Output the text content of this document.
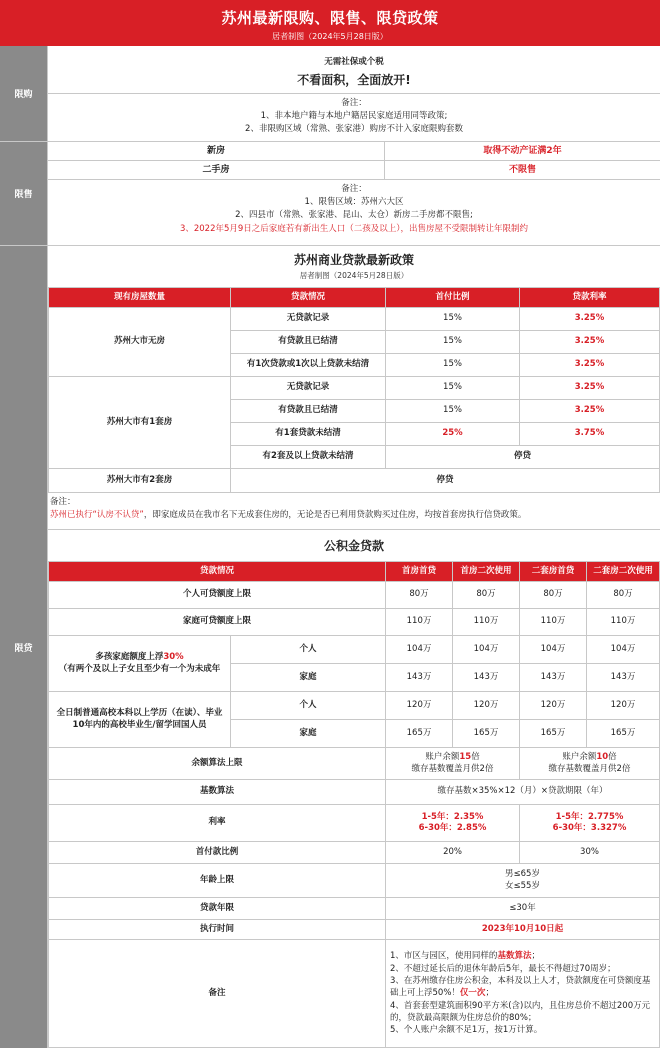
苏州最新限购、限售、限贷政策
居者制图（2024年5月28日版）
限购
无需社保或个税
不看面积，全面放开!
备注：
1、非本地户籍与本地户籍居民家庭适用同等政策;
2、非限购区域（常熟、张家港）购房不计入家庭限购套数
限售
新房	取得不动产证满2年
二手房	不限售
备注：
1、限售区域：苏州六大区
2、四县市（常熟、张家港、昆山、太仓）新房二手房都不限售;
3、2022年5月9日之后家庭若有新出生人口（二孩及以上），出售房屋不受限制转让年限制约
限贷
苏州商业贷款最新政策
居者制图（2024年5月28日版）
现有房屋数量	贷款情况	首付比例	贷款利率
苏州大市无房	无贷款记录	15%	3.25%
	有贷款且已结清	15%	3.25%
	有1次贷款或1次以上贷款未结清	15%	3.25%
苏州大市有1套房	无贷款记录	15%	3.25%
	有贷款且已结清	15%	3.25%
	有1套贷款未结清	25%	3.75%
	有2套及以上贷款未结清	停贷	
苏州大市有2套房	停贷		
备注：
苏州已执行“认房不认贷”，即家庭成员在我市名下无成套住房的，无论是否已利用贷款购买过住房，均按首套房执行信贷政策。
公积金贷款
贷款情况		首房首贷	首房二次使用	二套房首贷	二套房二次使用
个人可贷额度上限		80万	80万	80万	80万
家庭可贷额度上限		110万	110万	110万	110万
多孩家庭额度上浮30%
（有两个及以上子女且至少有一个为未成年	个人	104万	104万	104万	104万
	家庭	143万	143万	143万	143万
全日制普通高校本科以上学历（在读）、毕业
10年内的高校毕业生/留学回国人员	个人	120万	120万	120万	120万
	家庭	165万	165万	165万	165万
余额算法上限		账户余额15倍
缴存基数覆盖月供2倍		账户余额10倍
缴存基数覆盖月供2倍	
基数算法		缴存基数×35%×12（月）×贷款期限（年）			
利率		1-5年：2.35%
6-30年：2.85%		1-5年：2.775%
6-30年：3.327%	
首付款比例		20%		30%	
年龄上限		男≤65岁
女≤55岁			
贷款年限		≤30年			
执行时间		2023年10月10日起			
备注		1、市区与园区，使用同样的基数算法；
2、不超过延长后的退休年龄后5年，最长不得超过70周岁；
3、在苏州缴存住房公积金，本科及以上人才，贷款额度在可贷额度基础上可上浮50%！仅一次；
4、首套套型建筑面积90平方米(含)以内，且住房总价不超过200万元的，贷款最高限额为住房总价的80%；
5、个人账户余额不足1万，按1万计算。			
